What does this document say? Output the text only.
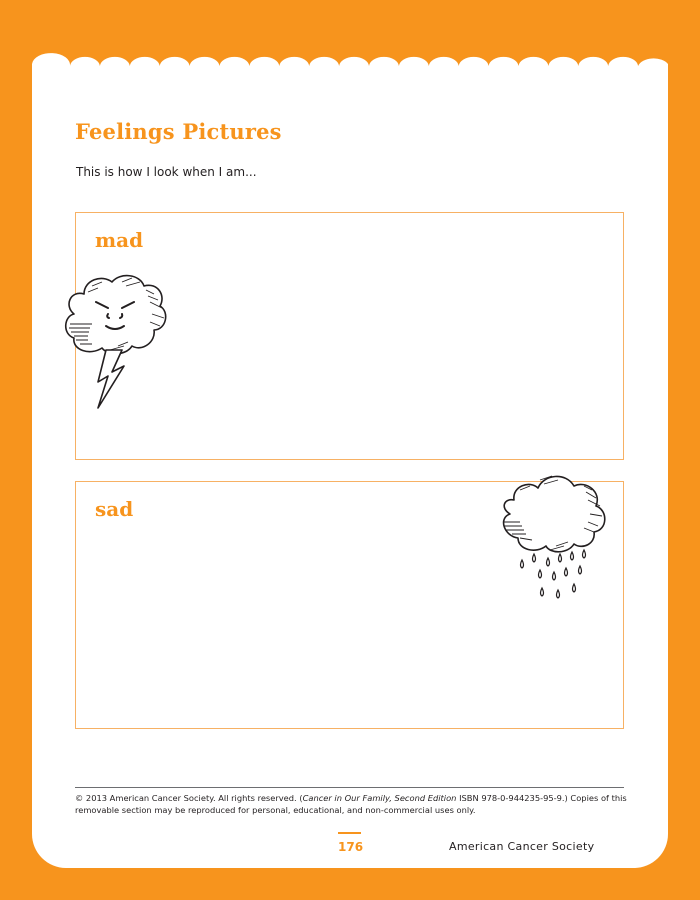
Feelings Pictures
This is how I look when I am...
mad
sad
© 2013 American Cancer Society. All rights reserved. (Cancer in Our Family, Second Edition ISBN 978-0-944235-95-9.) Copies of this removable section may be reproduced for personal, educational, and non-commercial uses only.
176	American Cancer Society
